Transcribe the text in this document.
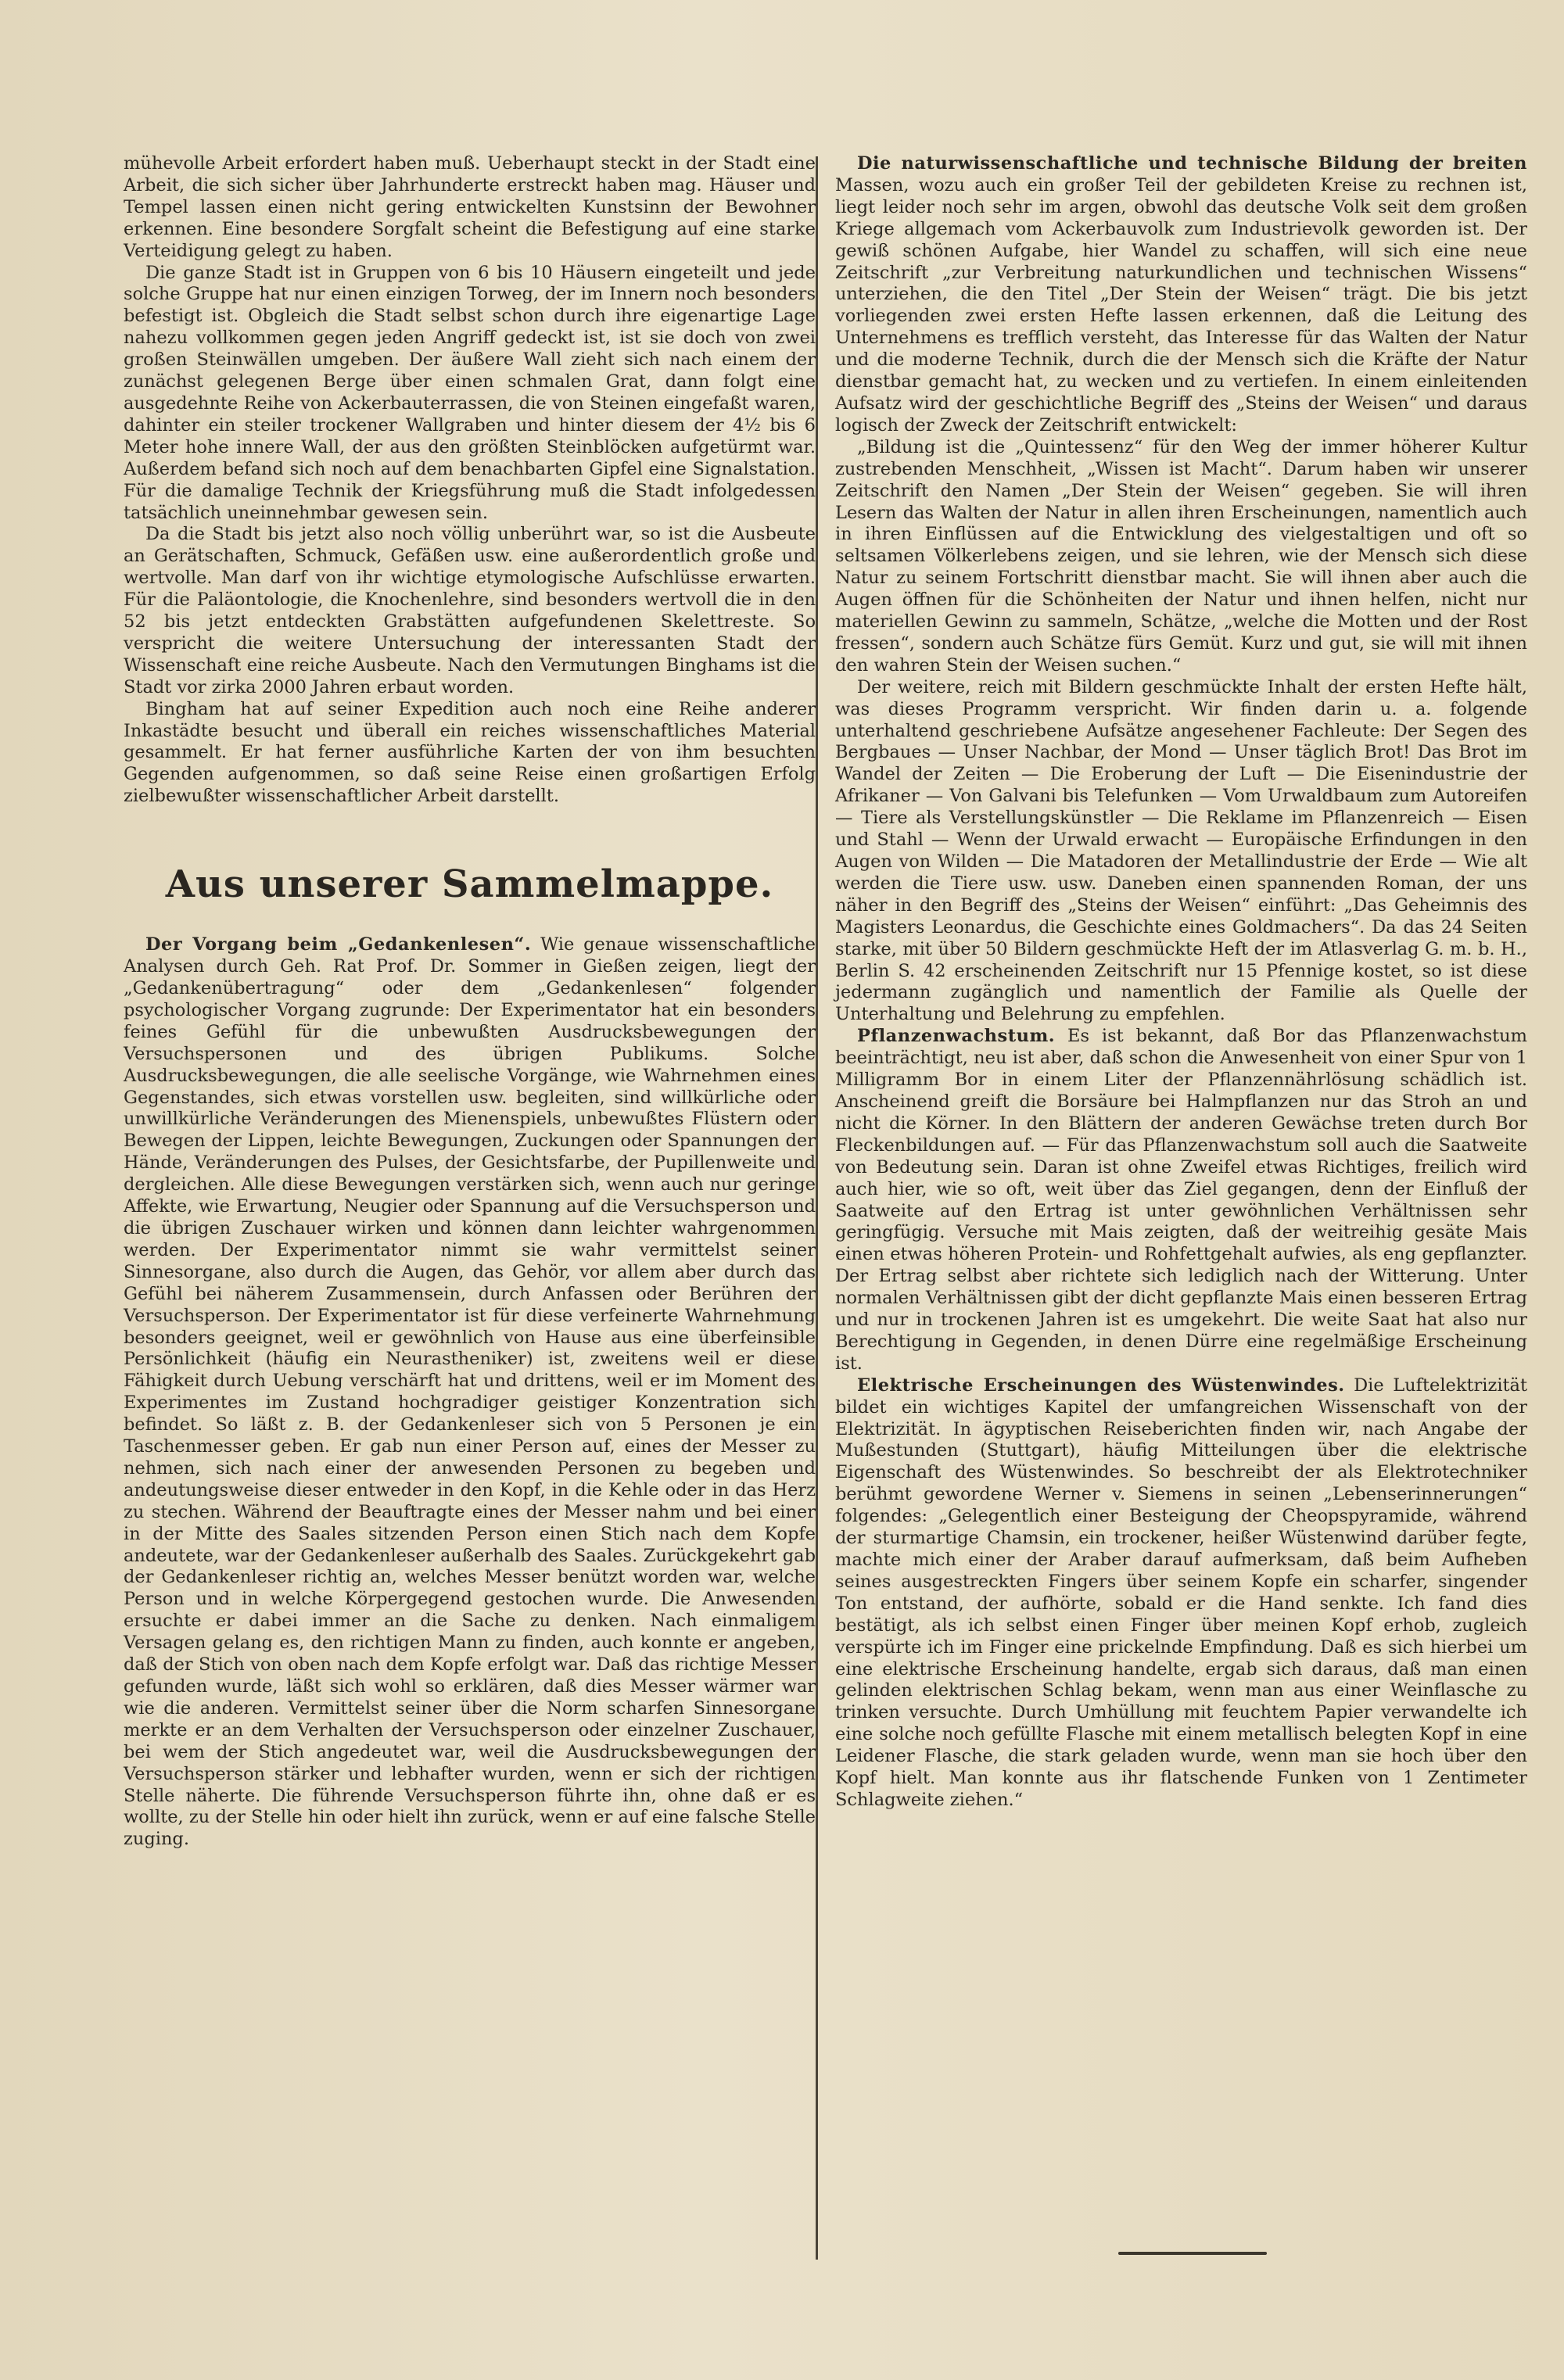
mühevolle Arbeit erfordert haben muß. Ueberhaupt steckt in der Stadt eine Arbeit, die sich sicher über Jahrhunderte erstreckt haben mag. Häuser und Tempel lassen einen nicht gering entwickelten Kunstsinn der Bewohner erkennen. Eine besondere Sorgfalt scheint die Befestigung auf eine starke Verteidigung gelegt zu haben.

Die ganze Stadt ist in Gruppen von 6 bis 10 Häusern eingeteilt und jede solche Gruppe hat nur einen einzigen Torweg, der im Innern noch besonders befestigt ist. Obgleich die Stadt selbst schon durch ihre eigenartige Lage nahezu vollkommen gegen jeden Angriff gedeckt ist, ist sie doch von zwei großen Steinwällen umgeben. Der äußere Wall zieht sich nach einem der zunächst gelegenen Berge über einen schmalen Grat, dann folgt eine ausgedehnte Reihe von Ackerbauterrassen, die von Steinen eingefaßt waren, dahinter ein steiler trockener Wallgraben und hinter diesem der 4½ bis 6 Meter hohe innere Wall, der aus den größten Steinblöcken aufgetürmt war. Außerdem befand sich noch auf dem benachbarten Gipfel eine Signalstation. Für die damalige Technik der Kriegsführung muß die Stadt infolgedessen tatsächlich uneinnehmbar gewesen sein.

Da die Stadt bis jetzt also noch völlig unberührt war, so ist die Ausbeute an Gerätschaften, Schmuck, Gefäßen usw. eine außerordentlich große und wertvolle. Man darf von ihr wichtige etymologische Aufschlüsse erwarten. Für die Paläontologie, die Knochenlehre, sind besonders wertvoll die in den 52 bis jetzt entdeckten Grabstätten aufgefundenen Skelettreste. So verspricht die weitere Untersuchung der interessanten Stadt der Wissenschaft eine reiche Ausbeute. Nach den Vermutungen Binghams ist die Stadt vor zirka 2000 Jahren erbaut worden.

Bingham hat auf seiner Expedition auch noch eine Reihe anderer Inkastädte besucht und überall ein reiches wissenschaftliches Material gesammelt. Er hat ferner ausführliche Karten der von ihm besuchten Gegenden aufgenommen, so daß seine Reise einen großartigen Erfolg zielbewußter wissenschaftlicher Arbeit darstellt.

Aus unserer Sammelmappe.

Der Vorgang beim „Gedankenlesen“. Wie genaue wissenschaftliche Analysen durch Geh. Rat Prof. Dr. Sommer in Gießen zeigen, liegt der „Gedankenübertragung“ oder dem „Gedankenlesen“ folgender psychologischer Vorgang zugrunde: Der Experimentator hat ein besonders feines Gefühl für die unbewußten Ausdrucksbewegungen der Versuchspersonen und des übrigen Publikums. Solche Ausdrucksbewegungen, die alle seelische Vorgänge, wie Wahrnehmen eines Gegenstandes, sich etwas vorstellen usw. begleiten, sind willkürliche oder unwillkürliche Veränderungen des Mienenspiels, unbewußtes Flüstern oder Bewegen der Lippen, leichte Bewegungen, Zuckungen oder Spannungen der Hände, Veränderungen des Pulses, der Gesichtsfarbe, der Pupillenweite und dergleichen. Alle diese Bewegungen verstärken sich, wenn auch nur geringe Affekte, wie Erwartung, Neugier oder Spannung auf die Versuchsperson und die übrigen Zuschauer wirken und können dann leichter wahrgenommen werden. Der Experimentator nimmt sie wahr vermittelst seiner Sinnesorgane, also durch die Augen, das Gehör, vor allem aber durch das Gefühl bei näherem Zusammensein, durch Anfassen oder Berühren der Versuchsperson. Der Experimentator ist für diese verfeinerte Wahrnehmung besonders geeignet, weil er gewöhnlich von Hause aus eine überfeinsible Persönlichkeit (häufig ein Neurastheniker) ist, zweitens weil er diese Fähigkeit durch Uebung verschärft hat und drittens, weil er im Moment des Experimentes im Zustand hochgradiger geistiger Konzentration sich befindet. So läßt z. B. der Gedankenleser sich von 5 Personen je ein Taschenmesser geben. Er gab nun einer Person auf, eines der Messer zu nehmen, sich nach einer der anwesenden Personen zu begeben und andeutungsweise dieser entweder in den Kopf, in die Kehle oder in das Herz zu stechen. Während der Beauftragte eines der Messer nahm und bei einer in der Mitte des Saales sitzenden Person einen Stich nach dem Kopfe andeutete, war der Gedankenleser außerhalb des Saales. Zurückgekehrt gab der Gedankenleser richtig an, welches Messer benützt worden war, welche Person und in welche Körpergegend gestochen wurde. Die Anwesenden ersuchte er dabei immer an die Sache zu denken. Nach einmaligem Versagen gelang es, den richtigen Mann zu finden, auch konnte er angeben, daß der Stich von oben nach dem Kopfe erfolgt war. Daß das richtige Messer gefunden wurde, läßt sich wohl so erklären, daß dies Messer wärmer war wie die anderen. Vermittelst seiner über die Norm scharfen Sinnesorgane merkte er an dem Verhalten der Versuchsperson oder einzelner Zuschauer, bei wem der Stich angedeutet war, weil die Ausdrucksbewegungen der Versuchsperson stärker und lebhafter wurden, wenn er sich der richtigen Stelle näherte. Die führende Versuchsperson führte ihn, ohne daß er es wollte, zu der Stelle hin oder hielt ihn zurück, wenn er auf eine falsche Stelle zuging.

Die naturwissenschaftliche und technische Bildung der breiten Massen, wozu auch ein großer Teil der gebildeten Kreise zu rechnen ist, liegt leider noch sehr im argen, obwohl das deutsche Volk seit dem großen Kriege allgemach vom Ackerbauvolk zum Industrievolk geworden ist. Der gewiß schönen Aufgabe, hier Wandel zu schaffen, will sich eine neue Zeitschrift „zur Verbreitung naturkundlichen und technischen Wissens“ unterziehen, die den Titel „Der Stein der Weisen“ trägt. Die bis jetzt vorliegenden zwei ersten Hefte lassen erkennen, daß die Leitung des Unternehmens es trefflich versteht, das Interesse für das Walten der Natur und die moderne Technik, durch die der Mensch sich die Kräfte der Natur dienstbar gemacht hat, zu wecken und zu vertiefen. In einem einleitenden Aufsatz wird der geschichtliche Begriff des „Steins der Weisen“ und daraus logisch der Zweck der Zeitschrift entwickelt:

„Bildung ist die „Quintessenz“ für den Weg der immer höherer Kultur zustrebenden Menschheit, „Wissen ist Macht“. Darum haben wir unserer Zeitschrift den Namen „Der Stein der Weisen“ gegeben. Sie will ihren Lesern das Walten der Natur in allen ihren Erscheinungen, namentlich auch in ihren Einflüssen auf die Entwicklung des vielgestaltigen und oft so seltsamen Völkerlebens zeigen, und sie lehren, wie der Mensch sich diese Natur zu seinem Fortschritt dienstbar macht. Sie will ihnen aber auch die Augen öffnen für die Schönheiten der Natur und ihnen helfen, nicht nur materiellen Gewinn zu sammeln, Schätze, „welche die Motten und der Rost fressen“, sondern auch Schätze fürs Gemüt. Kurz und gut, sie will mit ihnen den wahren Stein der Weisen suchen.“

Der weitere, reich mit Bildern geschmückte Inhalt der ersten Hefte hält, was dieses Programm verspricht. Wir finden darin u. a. folgende unterhaltend geschriebene Aufsätze angesehener Fachleute: Der Segen des Bergbaues — Unser Nachbar, der Mond — Unser täglich Brot! Das Brot im Wandel der Zeiten — Die Eroberung der Luft — Die Eisenindustrie der Afrikaner — Von Galvani bis Telefunken — Vom Urwaldbaum zum Autoreifen — Tiere als Verstellungskünstler — Die Reklame im Pflanzenreich — Eisen und Stahl — Wenn der Urwald erwacht — Europäische Erfindungen in den Augen von Wilden — Die Matadoren der Metallindustrie der Erde — Wie alt werden die Tiere usw. usw. Daneben einen spannenden Roman, der uns näher in den Begriff des „Steins der Weisen“ einführt: „Das Geheimnis des Magisters Leonardus, die Geschichte eines Goldmachers“. Da das 24 Seiten starke, mit über 50 Bildern geschmückte Heft der im Atlasverlag G. m. b. H., Berlin S. 42 erscheinenden Zeitschrift nur 15 Pfennige kostet, so ist diese jedermann zugänglich und namentlich der Familie als Quelle der Unterhaltung und Belehrung zu empfehlen.

Pflanzenwachstum. Es ist bekannt, daß Bor das Pflanzenwachstum beeinträchtigt, neu ist aber, daß schon die Anwesenheit von einer Spur von 1 Milligramm Bor in einem Liter der Pflanzennährlösung schädlich ist. Anscheinend greift die Borsäure bei Halmpflanzen nur das Stroh an und nicht die Körner. In den Blättern der anderen Gewächse treten durch Bor Fleckenbildungen auf. — Für das Pflanzenwachstum soll auch die Saatweite von Bedeutung sein. Daran ist ohne Zweifel etwas Richtiges, freilich wird auch hier, wie so oft, weit über das Ziel gegangen, denn der Einfluß der Saatweite auf den Ertrag ist unter gewöhnlichen Verhältnissen sehr geringfügig. Versuche mit Mais zeigten, daß der weitreihig gesäte Mais einen etwas höheren Protein- und Rohfettgehalt aufwies, als eng gepflanzter. Der Ertrag selbst aber richtete sich lediglich nach der Witterung. Unter normalen Verhältnissen gibt der dicht gepflanzte Mais einen besseren Ertrag und nur in trockenen Jahren ist es umgekehrt. Die weite Saat hat also nur Berechtigung in Gegenden, in denen Dürre eine regelmäßige Erscheinung ist.

Elektrische Erscheinungen des Wüstenwindes. Die Luftelektrizität bildet ein wichtiges Kapitel der umfangreichen Wissenschaft von der Elektrizität. In ägyptischen Reiseberichten finden wir, nach Angabe der Mußestunden (Stuttgart), häufig Mitteilungen über die elektrische Eigenschaft des Wüstenwindes. So beschreibt der als Elektrotechniker berühmt gewordene Werner v. Siemens in seinen „Lebenserinnerungen“ folgendes: „Gelegentlich einer Besteigung der Cheopspyramide, während der sturmartige Chamsin, ein trockener, heißer Wüstenwind darüber fegte, machte mich einer der Araber darauf aufmerksam, daß beim Aufheben seines ausgestreckten Fingers über seinem Kopfe ein scharfer, singender Ton entstand, der aufhörte, sobald er die Hand senkte. Ich fand dies bestätigt, als ich selbst einen Finger über meinen Kopf erhob, zugleich verspürte ich im Finger eine prickelnde Empfindung. Daß es sich hierbei um eine elektrische Erscheinung handelte, ergab sich daraus, daß man einen gelinden elektrischen Schlag bekam, wenn man aus einer Weinflasche zu trinken versuchte. Durch Umhüllung mit feuchtem Papier verwandelte ich eine solche noch gefüllte Flasche mit einem metallisch belegten Kopf in eine Leidener Flasche, die stark geladen wurde, wenn man sie hoch über den Kopf hielt. Man konnte aus ihr flatschende Funken von 1 Zentimeter Schlagweite ziehen.“
